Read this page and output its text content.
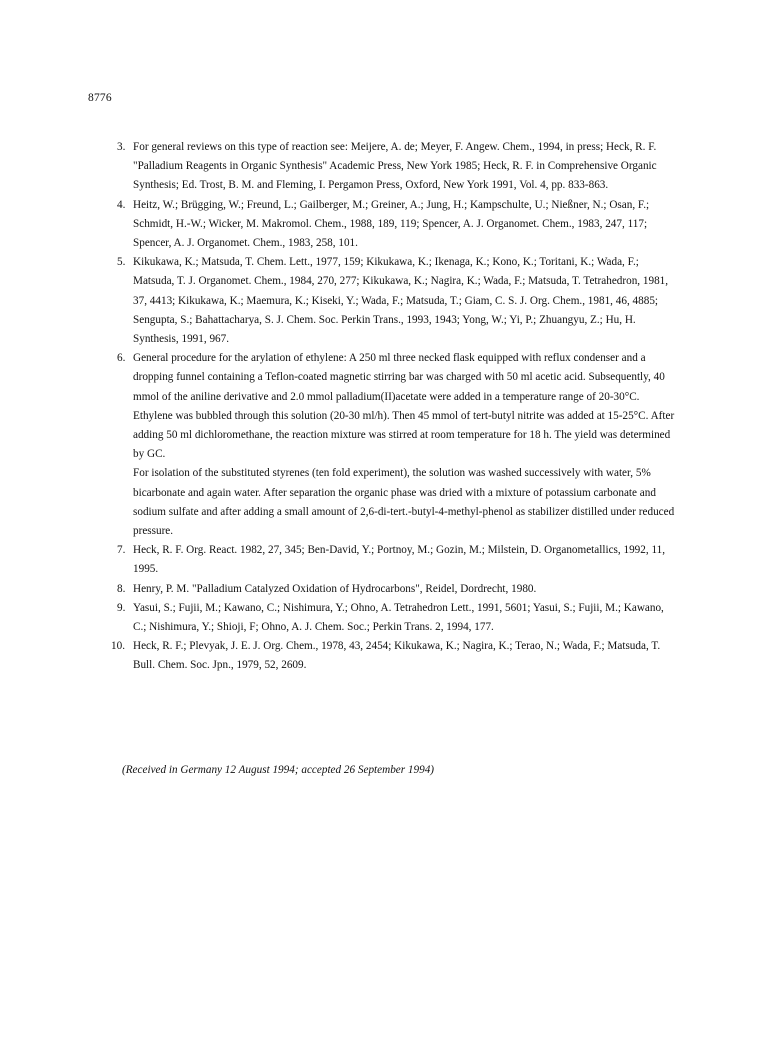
8776
3. For general reviews on this type of reaction see: Meijere, A. de; Meyer, F. Angew. Chem., 1994, in press; Heck, R. F. "Palladium Reagents in Organic Synthesis" Academic Press, New York 1985; Heck, R. F. in Comprehensive Organic Synthesis; Ed. Trost, B. M. and Fleming, I. Pergamon Press, Oxford, New York 1991, Vol. 4, pp. 833-863.

4. Heitz, W.; Brügging, W.; Freund, L.; Gailberger, M.; Greiner, A.; Jung, H.; Kampschulte, U.; Nießner, N.; Osan, F.; Schmidt, H.-W.; Wicker, M. Makromol. Chem., 1988, 189, 119; Spencer, A. J. Organomet. Chem., 1983, 247, 117; Spencer, A. J. Organomet. Chem., 1983, 258, 101.

5. Kikukawa, K.; Matsuda, T. Chem. Lett., 1977, 159; Kikukawa, K.; Ikenaga, K.; Kono, K.; Toritani, K.; Wada, F.; Matsuda, T. J. Organomet. Chem., 1984, 270, 277; Kikukawa, K.; Nagira, K.; Wada, F.; Matsuda, T. Tetrahedron, 1981, 37, 4413; Kikukawa, K.; Maemura, K.; Kiseki, Y.; Wada, F.; Matsuda, T.; Giam, C. S. J. Org. Chem., 1981, 46, 4885; Sengupta, S.; Bahattacharya, S. J. Chem. Soc. Perkin Trans., 1993, 1943; Yong, W.; Yi, P.; Zhuangyu, Z.; Hu, H. Synthesis, 1991, 967.

6. General procedure for the arylation of ethylene: A 250 ml three necked flask equipped with reflux condenser and a dropping funnel containing a Teflon-coated magnetic stirring bar was charged with 50 ml acetic acid. Subsequently, 40 mmol of the aniline derivative and 2.0 mmol palladium(II)acetate were added in a temperature range of 20-30°C. Ethylene was bubbled through this solution (20-30 ml/h). Then 45 mmol of tert-butyl nitrite was added at 15-25°C. After adding 50 ml dichloromethane, the reaction mixture was stirred at room temperature for 18 h. The yield was determined by GC.

For isolation of the substituted styrenes (ten fold experiment), the solution was washed successively with water, 5% bicarbonate and again water. After separation the organic phase was dried with a mixture of potassium carbonate and sodium sulfate and after adding a small amount of 2,6-di-tert.-butyl-4-methyl-phenol as stabilizer distilled under reduced pressure.

7. Heck, R. F. Org. React. 1982, 27, 345; Ben-David, Y.; Portnoy, M.; Gozin, M.; Milstein, D. Organometallics, 1992, 11, 1995.

8. Henry, P. M. "Palladium Catalyzed Oxidation of Hydrocarbons", Reidel, Dordrecht, 1980.

9. Yasui, S.; Fujii, M.; Kawano, C.; Nishimura, Y.; Ohno, A. Tetrahedron Lett., 1991, 5601; Yasui, S.; Fujii, M.; Kawano, C.; Nishimura, Y.; Shioji, F; Ohno, A. J. Chem. Soc.; Perkin Trans. 2, 1994, 177.

10. Heck, R. F.; Plevyak, J. E. J. Org. Chem., 1978, 43, 2454; Kikukawa, K.; Nagira, K.; Terao, N.; Wada, F.; Matsuda, T. Bull. Chem. Soc. Jpn., 1979, 52, 2609.

(Received in Germany 12 August 1994; accepted 26 September 1994)
